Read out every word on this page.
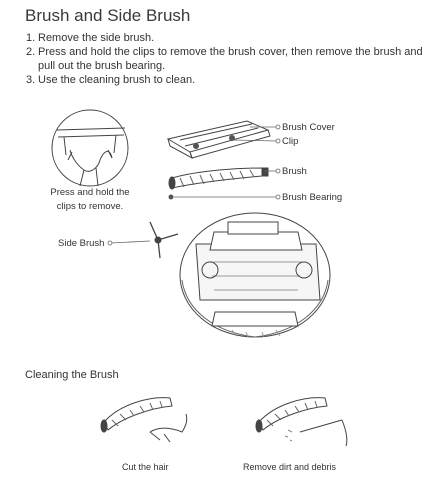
Brush and Side Brush
1. Remove the side brush.
2. Press and hold the clips to remove the brush cover, then remove the brush and pull out the brush bearing.
3. Use the cleaning brush to clean.
Brush Cover
Clip
Brush
Brush Bearing
Side Brush
Press and hold the clips to remove.
Cleaning the Brush
Cut the hair	Remove dirt and debris
